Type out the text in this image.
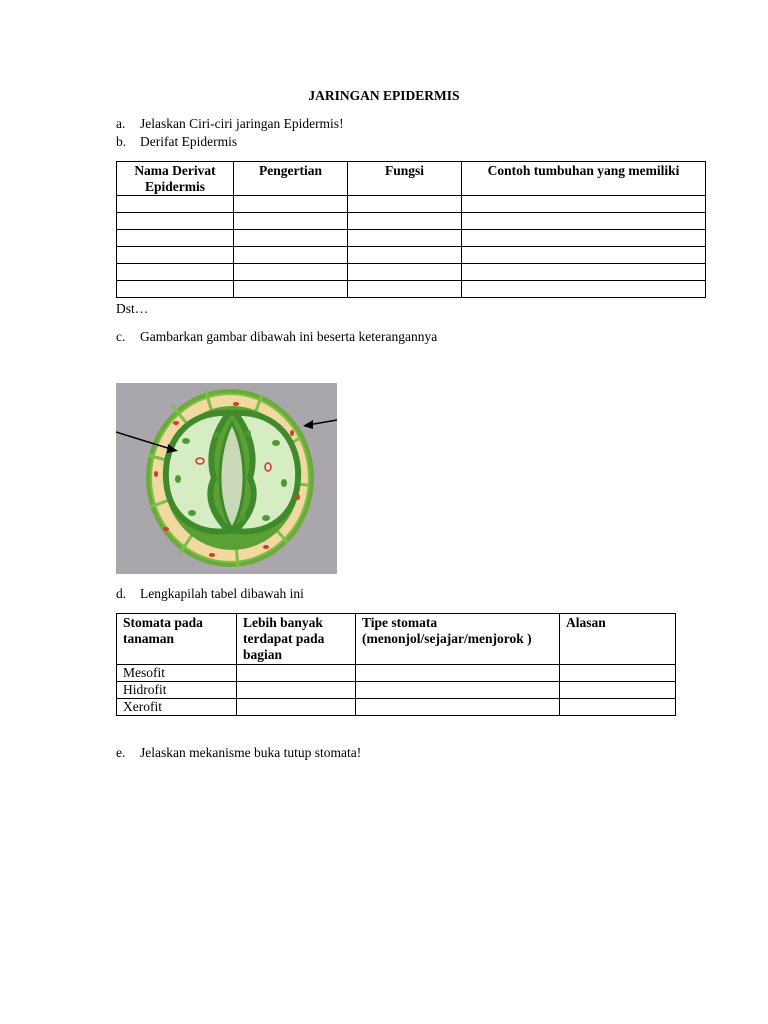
JARINGAN EPIDERMIS
a. Jelaskan Ciri-ciri jaringan Epidermis!
b. Derifat Epidermis
Nama Derivat Epidermis	Pengertian	Fungsi	Contoh tumbuhan yang memiliki

Dst…
c. Gambarkan gambar dibawah ini beserta keterangannya
d. Lengkapilah tabel dibawah ini
Stomata pada tanaman	Lebih banyak terdapat pada bagian	Tipe stomata (menonjol/sejajar/menjorok )	Alasan
Mesofit			
Hidrofit			
Xerofit			
e. Jelaskan mekanisme buka tutup stomata!
